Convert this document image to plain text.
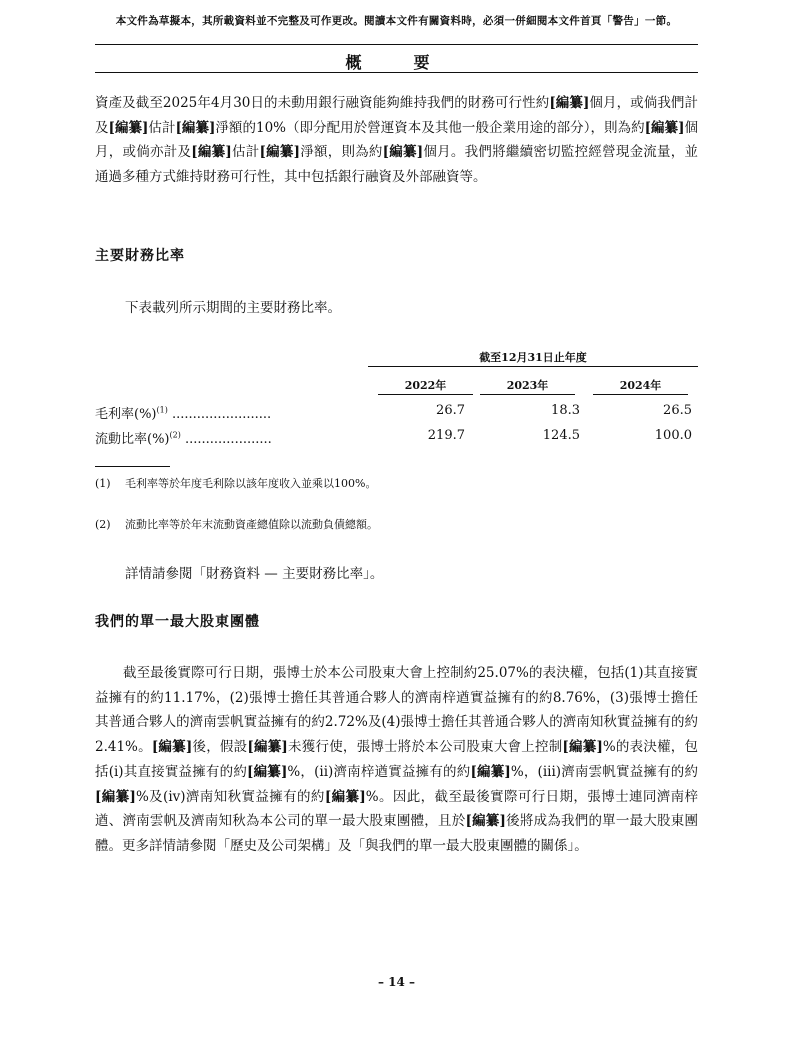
本文件為草擬本，其所載資料並不完整及可作更改。閱讀本文件有關資料時，必須一併細閱本文件首頁「警告」一節。
概　要
資產及截至2025年4月30日的未動用銀行融資能夠維持我們的財務可行性約[編纂]個月，或倘我們計及[編纂]估計[編纂]淨額的10%（即分配用於營運資本及其他一般企業用途的部分），則為約[編纂]個月，或倘亦計及[編纂]估計[編纂]淨額，則為約[編纂]個月。我們將繼續密切監控經營現金流量，並通過多種方式維持財務可行性，其中包括銀行融資及外部融資等。
主要財務比率
下表載列所示期間的主要財務比率。
截至12月31日止年度
2022年	2023年	2024年
毛利率(%)$^{(1)}$ ........................	26.7	18.3	26.5
流動比率(%)$^{(2)}$ .....................	219.7	124.5	100.0
(1) 毛利率等於年度毛利除以該年度收入並乘以100%。
(2) 流動比率等於年末流動資產總值除以流動負債總額。
詳情請參閱「財務資料 — 主要財務比率」。
我們的單一最大股東團體
截至最後實際可行日期，張博士於本公司股東大會上控制約25.07%的表決權，包括(1)其直接實益擁有的約11.17%，(2)張博士擔任其普通合夥人的濟南梓遒實益擁有的約8.76%，(3)張博士擔任其普通合夥人的濟南雲帆實益擁有的約2.72%及(4)張博士擔任其普通合夥人的濟南知秋實益擁有的約2.41%。[編纂]後，假設[編纂]未獲行使，張博士將於本公司股東大會上控制[編纂]%的表決權，包括(i)其直接實益擁有的約[編纂]%，(ii)濟南梓遒實益擁有的約[編纂]%，(iii)濟南雲帆實益擁有的約[編纂]%及(iv)濟南知秋實益擁有的約[編纂]%。因此，截至最後實際可行日期，張博士連同濟南梓遒、濟南雲帆及濟南知秋為本公司的單一最大股東團體，且於[編纂]後將成為我們的單一最大股東團體。更多詳情請參閱「歷史及公司架構」及「與我們的單一最大股東團體的關係」。
– 14 –
